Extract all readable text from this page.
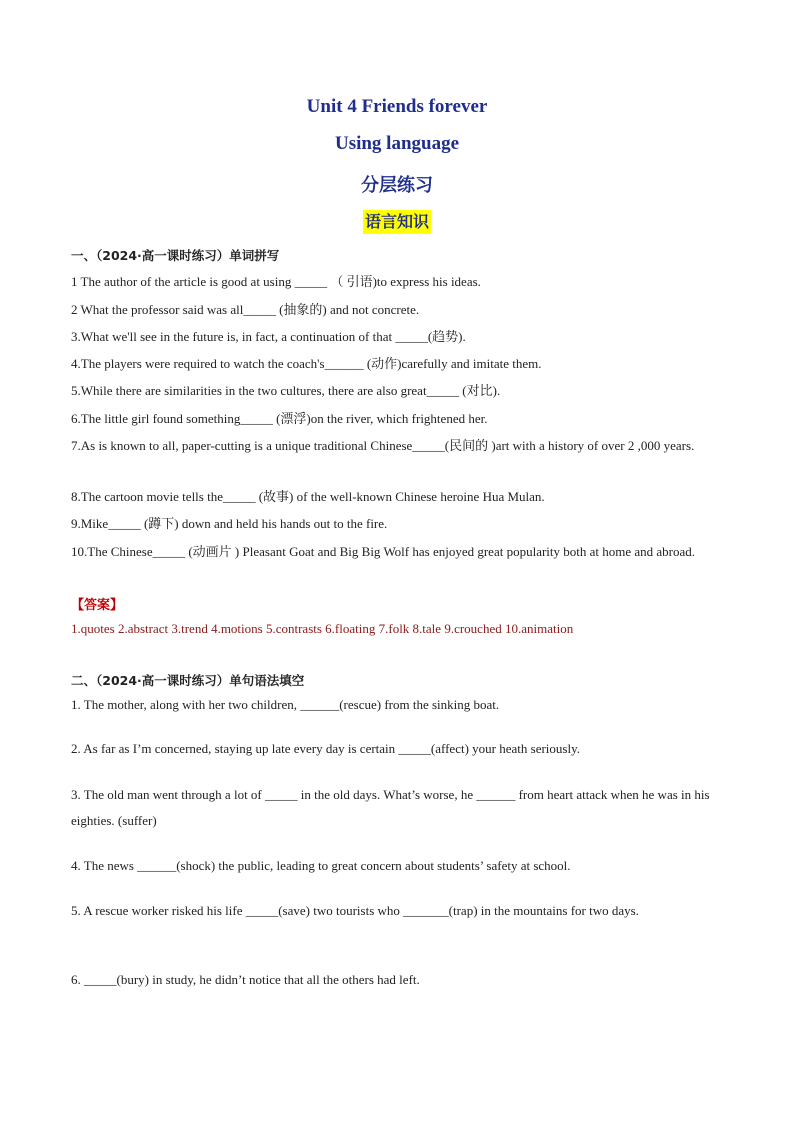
Unit 4 Friends forever
Using language
分层练习
语言知识
一、（2024·高一课时练习）单词拼写
1 The author of the article is good at using _____ （ 引语)to express his ideas.
2 What the professor said was all_____ (抽象的) and not concrete.
3.What we'll see in the future is, in fact, a continuation of that _____(趋势).
4.The players were required to watch the coach's______ (动作)carefully and imitate them.
5.While there are similarities in the two cultures, there are also great_____ (对比).
6.The little girl found something_____ (漂浮)on the river, which frightened her.
7.As is known to all, paper-cutting is a unique traditional Chinese_____(民间的 )art with a history of over 2 ,000 years.
8.The cartoon movie tells the_____ (故事) of the well-known Chinese heroine Hua Mulan.
9.Mike_____ (蹲下) down and held his hands out to the fire.
10.The Chinese_____ (动画片 ) Pleasant Goat and Big Big Wolf has enjoyed great popularity both at home and abroad.
【答案】
1.quotes 2.abstract 3.trend 4.motions 5.contrasts 6.floating 7.folk 8.tale 9.crouched 10.animation
二、（2024·高一课时练习）单句语法填空
1. The mother, along with her two children, ______(rescue) from the sinking boat.
2. As far as I’m concerned, staying up late every day is certain _____(affect) your heath seriously.
3. The old man went through a lot of _____ in the old days. What’s worse, he ______ from heart attack when he was in his eighties. (suffer)
4. The news ______(shock) the public, leading to great concern about students’ safety at school.
5. A rescue worker risked his life _____(save) two tourists who _______(trap) in the mountains for two days.
6. _____(bury) in study, he didn’t notice that all the others had left.
